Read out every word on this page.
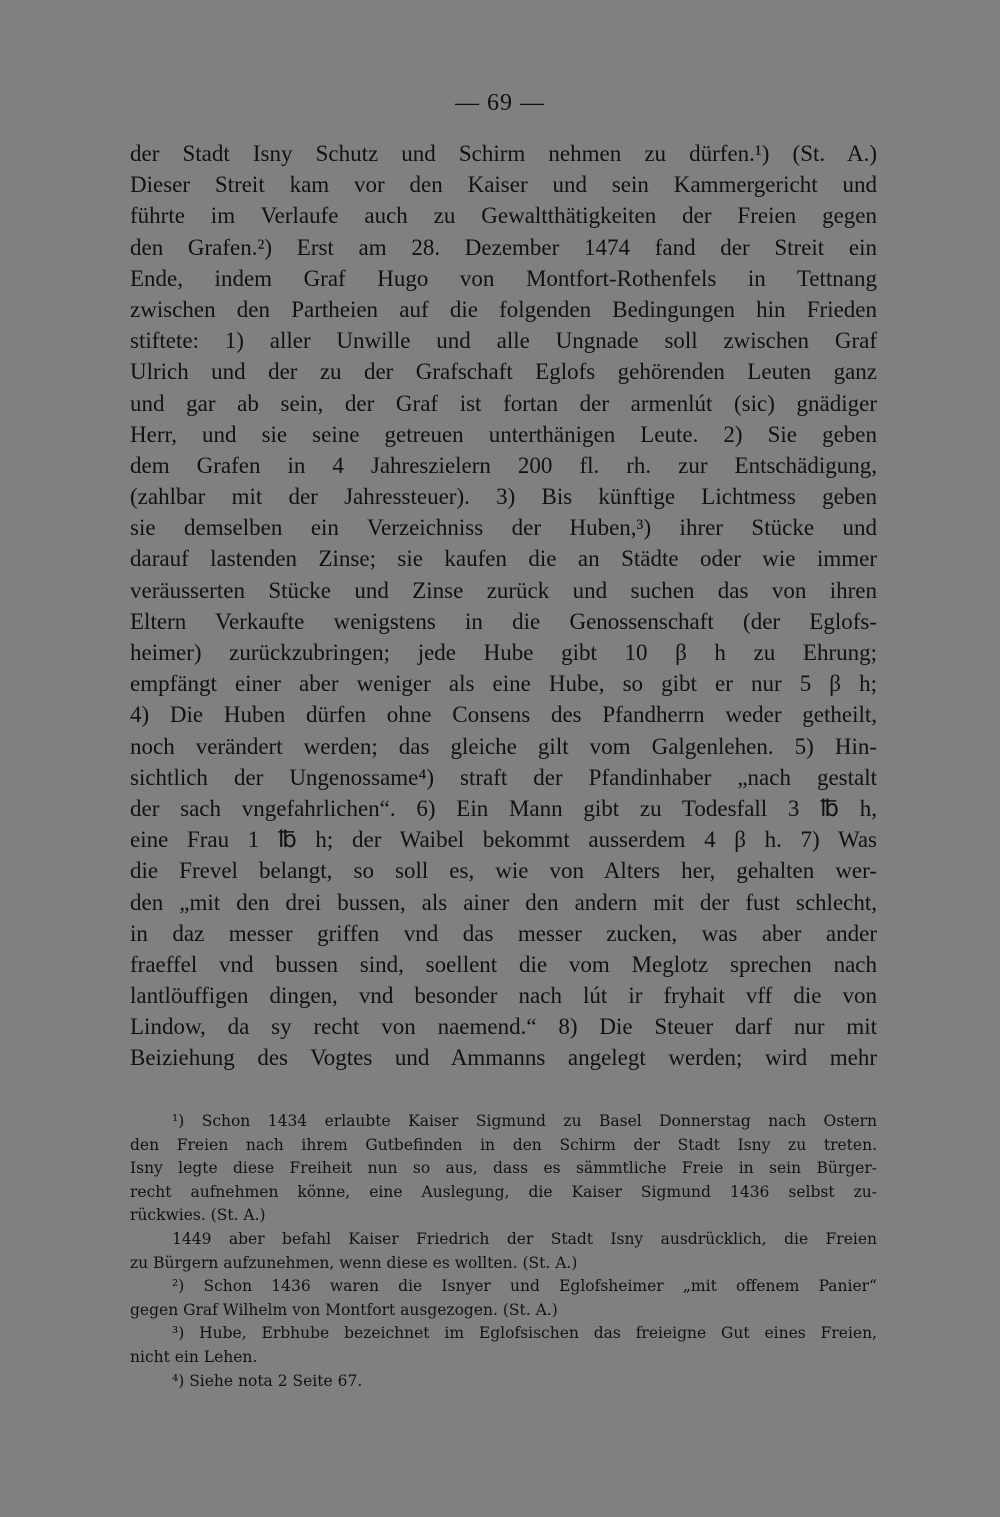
— 69 —
der Stadt Isny Schutz und Schirm nehmen zu dürfen.¹) (St. A.)
Dieser Streit kam vor den Kaiser und sein Kammergericht und
führte im Verlaufe auch zu Gewaltthätigkeiten der Freien gegen
den Grafen.²) Erst am 28. Dezember 1474 fand der Streit ein
Ende, indem Graf Hugo von Montfort-Rothenfels in Tettnang
zwischen den Partheien auf die folgenden Bedingungen hin Frieden
stiftete: 1) aller Unwille und alle Ungnade soll zwischen Graf
Ulrich und der zu der Grafschaft Eglofs gehörenden Leuten ganz
und gar ab sein, der Graf ist fortan der armenlút (sic) gnädiger
Herr, und sie seine getreuen unterthänigen Leute. 2) Sie geben
dem Grafen in 4 Jahreszielern 200 fl. rh. zur Entschädigung,
(zahlbar mit der Jahressteuer). 3) Bis künftige Lichtmess geben
sie demselben ein Verzeichniss der Huben,³) ihrer Stücke und
darauf lastenden Zinse; sie kaufen die an Städte oder wie immer
veräusserten Stücke und Zinse zurück und suchen das von ihren
Eltern Verkaufte wenigstens in die Genossenschaft (der Eglofs-
heimer) zurückzubringen; jede Hube gibt 10 β h zu Ehrung;
empfängt einer aber weniger als eine Hube, so gibt er nur 5 β h;
4) Die Huben dürfen ohne Consens des Pfandherrn weder getheilt,
noch verändert werden; das gleiche gilt vom Galgenlehen. 5) Hin-
sichtlich der Ungenossame⁴) straft der Pfandinhaber „nach gestalt
der sach vngefahrlichen“. 6) Ein Mann gibt zu Todesfall 3 ℔ h,
eine Frau 1 ℔ h; der Waibel bekommt ausserdem 4 β h. 7) Was
die Frevel belangt, so soll es, wie von Alters her, gehalten wer-
den „mit den drei bussen, als ainer den andern mit der fust schlecht,
in daz messer griffen vnd das messer zucken, was aber ander
fraeffel vnd bussen sind, soellent die vom Meglotz sprechen nach
lantlöuffigen dingen, vnd besonder nach lút ir fryhait vff die von
Lindow, da sy recht von naemend.“ 8) Die Steuer darf nur mit
Beiziehung des Vogtes und Ammanns angelegt werden; wird mehr
¹) Schon 1434 erlaubte Kaiser Sigmund zu Basel Donnerstag nach Ostern
den Freien nach ihrem Gutbefinden in den Schirm der Stadt Isny zu treten.
Isny legte diese Freiheit nun so aus, dass es sämmtliche Freie in sein Bürger-
recht aufnehmen könne, eine Auslegung, die Kaiser Sigmund 1436 selbst zu-
rückwies. (St. A.)
1449 aber befahl Kaiser Friedrich der Stadt Isny ausdrücklich, die Freien
zu Bürgern aufzunehmen, wenn diese es wollten. (St. A.)
²) Schon 1436 waren die Isnyer und Eglofsheimer „mit offenem Panier“
gegen Graf Wilhelm von Montfort ausgezogen. (St. A.)
³) Hube, Erbhube bezeichnet im Eglofsischen das freieigne Gut eines Freien,
nicht ein Lehen.
⁴) Siehe nota 2 Seite 67.
